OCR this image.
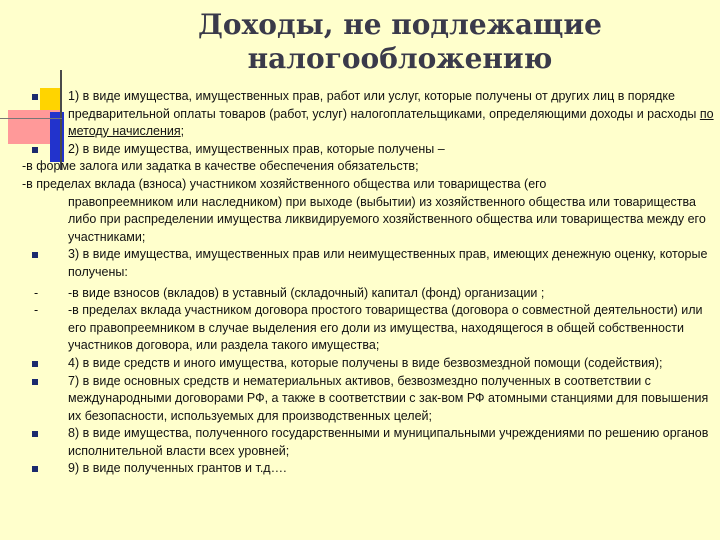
Доходы, не подлежащие
налогообложению
1) в виде имущества, имущественных прав, работ или услуг, которые получены от других лиц в порядке предварительной оплаты товаров (работ, услуг) налогоплательщиками, определяющими доходы и расходы по методу начисления;
2) в виде имущества, имущественных прав, которые получены –
-в форме залога или задатка в качестве обеспечения обязательств;
-в пределах вклада (взноса) участником хозяйственного общества или товарищества (его
правопреемником или наследником) при выходе (выбытии) из хозяйственного общества или товарищества либо при распределении имущества ликвидируемого хозяйственного общества или товарищества между его участниками;
3) в виде имущества, имущественных прав или неимущественных прав, имеющих денежную оценку, которые получены:
- -в виде взносов (вкладов) в уставный (складочный) капитал (фонд) организации ;
- -в пределах вклада участником договора простого товарищества (договора о совместной деятельности) или его правопреемником в случае выделения его доли из имущества, находящегося в общей собственности участников договора, или раздела такого имущества;
4) в виде средств и иного имущества, которые получены в виде безвозмездной помощи (содействия);
7) в виде основных средств и нематериальных активов, безвозмездно полученных в соответствии с международными договорами РФ, а также в соответствии с зак-вом РФ атомными станциями для повышения их безопасности, используемых для производственных целей;
8) в виде имущества, полученного государственными и муниципальными учреждениями по решению органов исполнительной власти всех уровней;
9) в виде полученных грантов и т.д….
